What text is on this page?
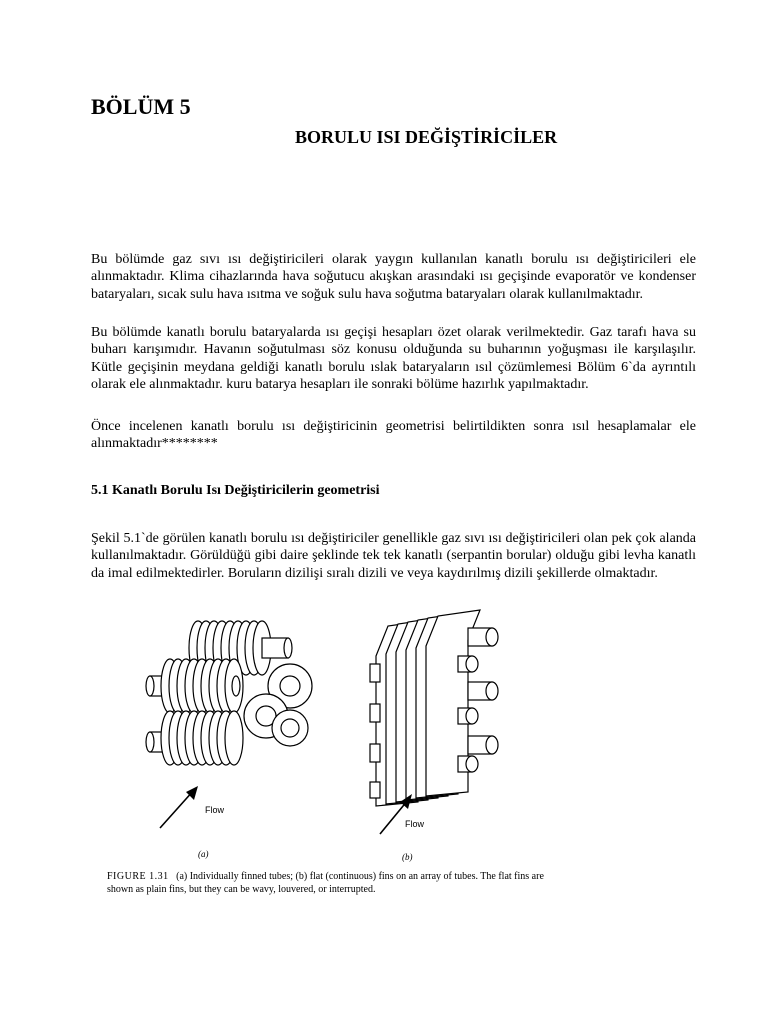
BÖLÜM 5
BORULU ISI DEĞİŞTİRİCİLER

Bu bölümde gaz sıvı ısı değiştiricileri olarak yaygın kullanılan kanatlı borulu ısı değiştiricileri ele alınmaktadır. Klima cihazlarında hava soğutucu akışkan arasındaki ısı geçişinde evaporatör ve kondenser bataryaları, sıcak sulu hava ısıtma ve soğuk sulu hava soğutma bataryaları olarak kullanılmaktadır.

Bu bölümde kanatlı borulu bataryalarda ısı geçişi hesapları özet olarak verilmektedir. Gaz tarafı hava su buharı karışımıdır. Havanın soğutulması söz konusu olduğunda su buharının yoğuşması ile karşılaşılır. Kütle geçişinin meydana geldiği kanatlı borulu ıslak bataryaların ısıl çözümlemesi Bölüm 6`da ayrıntılı olarak ele alınmaktadır. kuru batarya hesapları ile sonraki bölüme hazırlık yapılmaktadır.

Önce incelenen kanatlı borulu ısı değiştiricinin geometrisi belirtildikten sonra ısıl hesaplamalar ele alınmaktadır********

5.1 Kanatlı Borulu Isı Değiştiricilerin geometrisi

Şekil 5.1`de görülen kanatlı borulu ısı değiştiriciler genellikle gaz sıvı ısı değiştiricileri olan pek çok alanda kullanılmaktadır. Görüldüğü gibi daire şeklinde tek tek kanatlı (serpantin borular) olduğu gibi levha kanatlı da imal edilmektedirler. Boruların dizilişi sıralı dizili ve veya kaydırılmış dizili şekillerde olmaktadır.

Flow
(a)
Flow
(b)

FIGURE 1.31 (a) Individually finned tubes; (b) flat (continuous) fins on an array of tubes. The flat fins are shown as plain fins, but they can be wavy, louvered, or interrupted.
